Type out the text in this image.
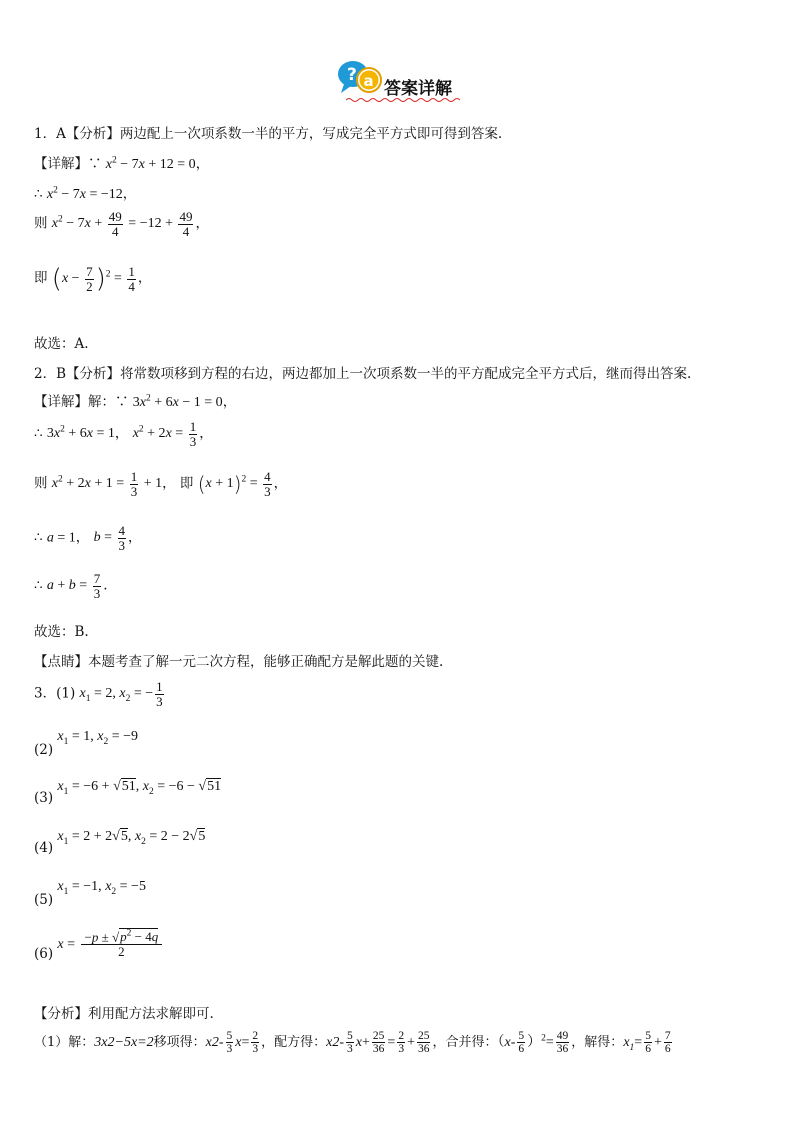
? a 答案详解
1．A【分析】两边配上一次项系数一半的平方，写成完全平方式即可得到答案.
【详解】∵ $x^2 - 7x + 12 = 0$，
∴ $x^2 - 7x = -12$，
则 $x^2 - 7x + \frac{49}{4} = -12 + \frac{49}{4}$ ，
即 $(x - \frac{7}{2} )^2 = \frac{1}{4}$ ，
故选：A.
2．B【分析】将常数项移到方程的右边，两边都加上一次项系数一半的平方配成完全平方式后，继而得出答案.
【详解】解：∵ $3x^2 + 6x - 1 = 0$，
∴ $3x^2 + 6x = 1$， $x^2 + 2x = \frac{1}{3}$ ，
则 $x^2 + 2x + 1 = \frac{1}{3} + 1$， 即 $(x + 1)^2 = \frac{4}{3}$ ，
∴ a = 1， $b = \frac{4}{3}$ ，
∴ $a + b = \frac{7}{3}$ .
故选：B.
【点睛】本题考查了解一元二次方程，能够正确配方是解此题的关键.
3．(1) $x_1 = 2$, $x_2$ = − $\frac{1}{3}$
(2) $x_1 = 1$, $x_2 = -9$
(3) $x_1 = -6 + √51$, $x_2 = -6 - √51$
(4) $x_1 = 2 + 2√5$, $x_2 = 2 - 2√5$
(5) $x_1 = -1$, $x_2 = -5$
(6) $x = \frac{-p \pm √p^2 - 4q}{2}$
【分析】利用配方法求解即可.
（1）解：3x2−5x=2移项得：$x2- \frac{5}{3} x= \frac{2}{3}$ ，配方得：$x2- \frac{5}{3} x+ \frac{25}{36} = \frac{2}{3} + \frac{25}{36}$ ，合并得：$(x- \frac{5}{6} )^2= \frac{49}{36}$ ，解得：$x_1= \frac{5}{6} + \frac{7}{6}$
